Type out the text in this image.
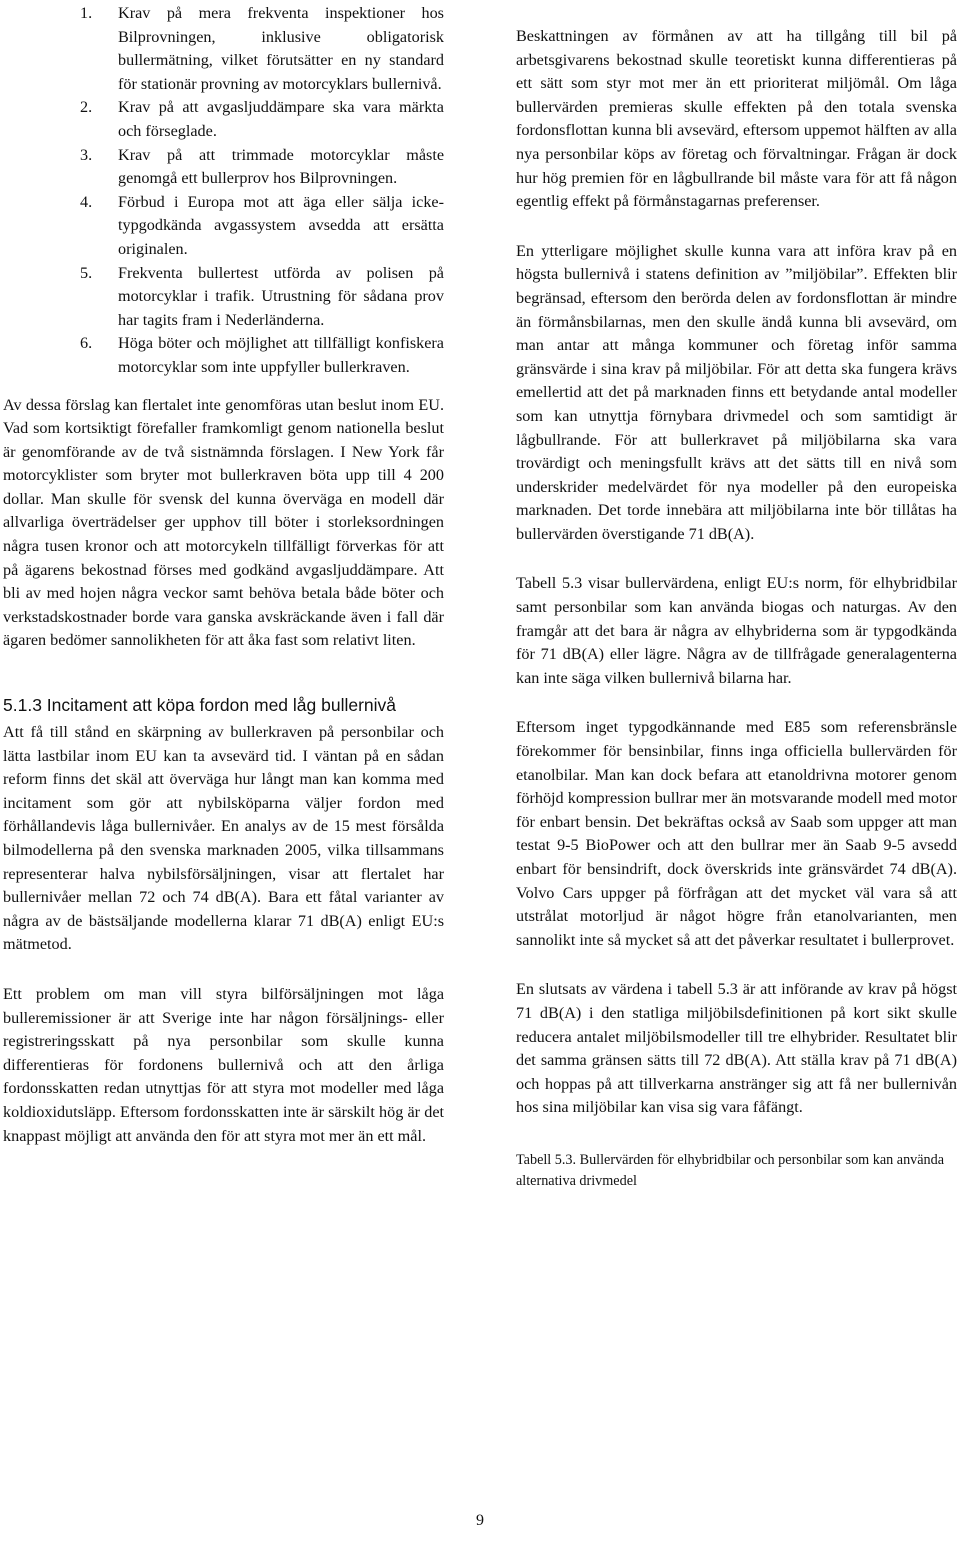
1. Krav på mera frekventa inspektioner hos Bilprovningen, inklusive obligatorisk bullermätning, vilket förutsätter en ny standard för stationär provning av motorcyklars bullernivå.
2. Krav på att avgasljuddämpare ska vara märkta och förseglade.
3. Krav på att trimmade motorcyklar måste genomgå ett bullerprov hos Bilprovningen.
4. Förbud i Europa mot att äga eller sälja icke-typgodkända avgassystem avsedda att ersätta originalen.
5. Frekventa bullertest utförda av polisen på motorcyklar i trafik. Utrustning för sådana prov har tagits fram i Nederländerna.
6. Höga böter och möjlighet att tillfälligt konfiskera motorcyklar som inte uppfyller bullerkraven.

Av dessa förslag kan flertalet inte genomföras utan beslut inom EU. Vad som kortsiktigt förefaller framkomligt genom nationella beslut är genomförande av de två sistnämnda förslagen. I New York får motorcyklister som bryter mot bullerkraven böta upp till 4 200 dollar. Man skulle för svensk del kunna överväga en modell där allvarliga överträdelser ger upphov till böter i storleksordningen några tusen kronor och att motorcykeln tillfälligt förverkas för att på ägarens bekostnad förses med godkänd avgasljuddämpare. Att bli av med hojen några veckor samt behöva betala både böter och verkstadskostnader borde vara ganska avskräckande även i fall där ägaren bedömer sannolikheten för att åka fast som relativt liten.

5.1.3 Incitament att köpa fordon med låg bullernivå

Att få till stånd en skärpning av bullerkraven på personbilar och lätta lastbilar inom EU kan ta avsevärd tid. I väntan på en sådan reform finns det skäl att överväga hur långt man kan komma med incitament som gör att nybilsköparna väljer fordon med förhållandevis låga bullernivåer. En analys av de 15 mest försålda bilmodellerna på den svenska marknaden 2005, vilka tillsammans representerar halva nybilsförsäljningen, visar att flertalet har bullernivåer mellan 72 och 74 dB(A). Bara ett fåtal varianter av några av de bästsäljande modellerna klarar 71 dB(A) enligt EU:s mätmetod.

Ett problem om man vill styra bilförsäljningen mot låga bulleremissioner är att Sverige inte har någon försäljnings- eller registreringsskatt på nya personbilar som skulle kunna differentieras för fordonens bullernivå och att den årliga fordonsskatten redan utnyttjas för att styra mot modeller med låga koldioxidutsläpp. Eftersom fordonsskatten inte är särskilt hög är det knappast möjligt att använda den för att styra mot mer än ett mål.

Beskattningen av förmånen av att ha tillgång till bil på arbetsgivarens bekostnad skulle teoretiskt kunna differentieras på ett sätt som styr mot mer än ett prioriterat miljömål. Om låga bullervärden premieras skulle effekten på den totala svenska fordonsflottan kunna bli avsevärd, eftersom uppemot hälften av alla nya personbilar köps av företag och förvaltningar. Frågan är dock hur hög premien för en lågbullrande bil måste vara för att få någon egentlig effekt på förmånstagarnas preferenser.

En ytterligare möjlighet skulle kunna vara att införa krav på en högsta bullernivå i statens definition av ”miljöbilar”. Effekten blir begränsad, eftersom den berörda delen av fordonsflottan är mindre än förmånsbilarnas, men den skulle ändå kunna bli avsevärd, om man antar att många kommuner och företag inför samma gränsvärde i sina krav på miljöbilar. För att detta ska fungera krävs emellertid att det på marknaden finns ett betydande antal modeller som kan utnyttja förnybara drivmedel och som samtidigt är lågbullrande. För att bullerkravet på miljöbilarna ska vara trovärdigt och meningsfullt krävs att det sätts till en nivå som underskrider medelvärdet för nya modeller på den europeiska marknaden. Det torde innebära att miljöbilarna inte bör tillåtas ha bullervärden överstigande 71 dB(A).

Tabell 5.3 visar bullervärdena, enligt EU:s norm, för elhybridbilar samt personbilar som kan använda biogas och naturgas. Av den framgår att det bara är några av elhybriderna som är typgodkända för 71 dB(A) eller lägre. Några av de tillfrågade generalagenterna kan inte säga vilken bullernivå bilarna har.

Eftersom inget typgodkännande med E85 som referensbränsle förekommer för bensinbilar, finns inga officiella bullervärden för etanolbilar. Man kan dock befara att etanoldrivna motorer genom förhöjd kompression bullrar mer än motsvarande modell med motor för enbart bensin. Det bekräftas också av Saab som uppger att man testat 9-5 BioPower och att den bullrar mer än Saab 9-5 avsedd enbart för bensindrift, dock överskrids inte gränsvärdet 74 dB(A). Volvo Cars uppger på förfrågan att det mycket väl vara så att utstrålat motorljud är något högre från etanolvarianten, men sannolikt inte så mycket så att det påverkar resultatet i bullerprovet.

En slutsats av värdena i tabell 5.3 är att införande av krav på högst 71 dB(A) i den statliga miljöbilsdefinitionen på kort sikt skulle reducera antalet miljöbilsmodeller till tre elhybrider. Resultatet blir det samma gränsen sätts till 72 dB(A). Att ställa krav på 71 dB(A) och hoppas på att tillverkarna anstränger sig att få ner bullernivån hos sina miljöbilar kan visa sig vara fåfängt.

Tabell 5.3. Bullervärden för elhybridbilar och personbilar som kan använda alternativa drivmedel

9
